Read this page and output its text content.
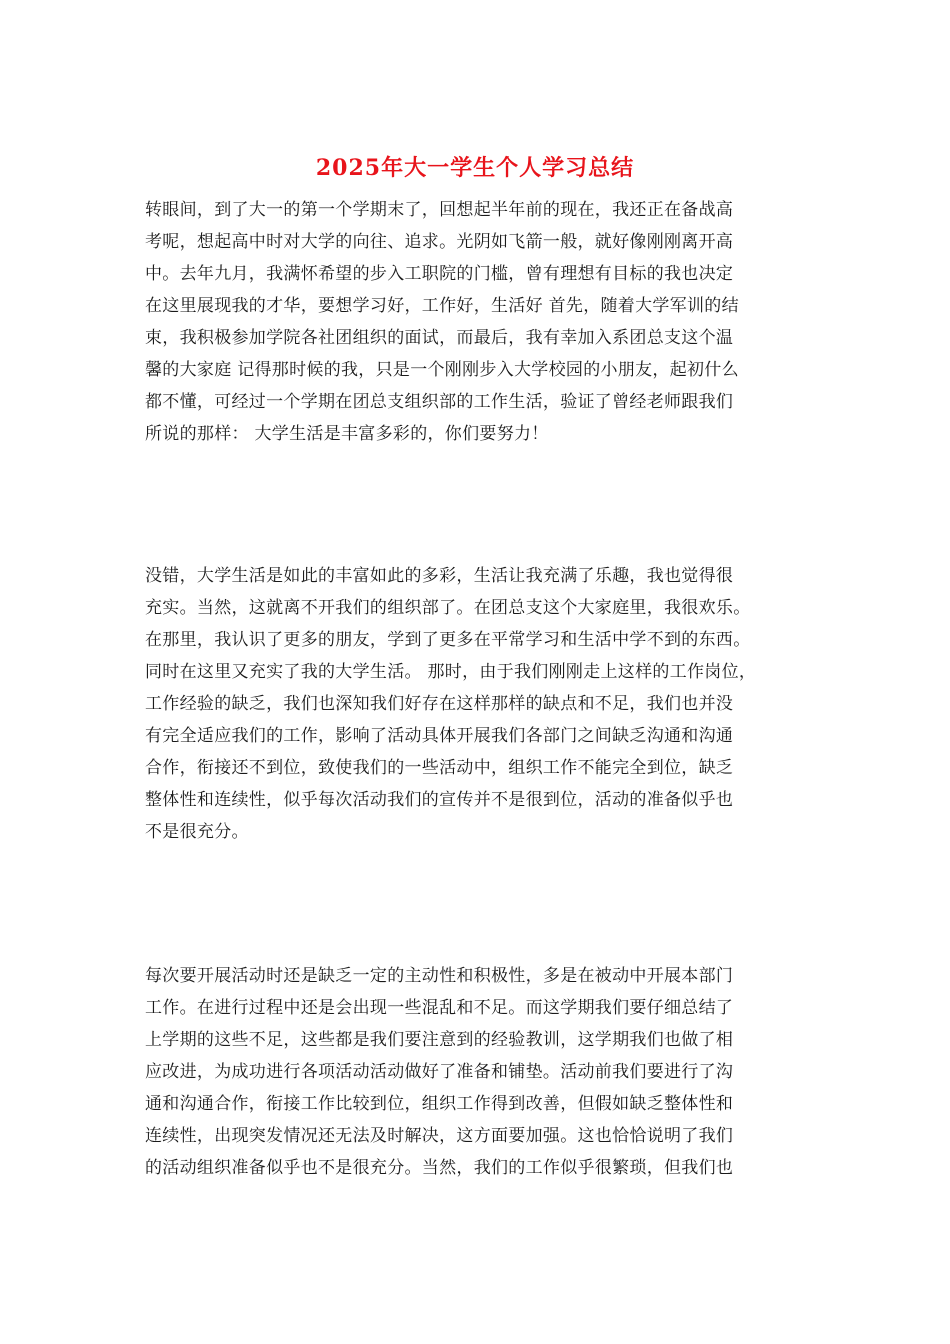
2025年大一学生个人学习总结
转眼间，到了大一的第一个学期末了，回想起半年前的现在，我还正在备战高
考呢，想起高中时对大学的向往、追求。光阴如飞箭一般，就好像刚刚离开高
中。去年九月，我满怀希望的步入工职院的门槛，曾有理想有目标的我也决定
在这里展现我的才华，要想学习好，工作好，生活好 首先，随着大学军训的结
束，我积极参加学院各社团组织的面试，而最后，我有幸加入系团总支这个温
馨的大家庭 记得那时候的我，只是一个刚刚步入大学校园的小朋友，起初什么
都不懂，可经过一个学期在团总支组织部的工作生活，验证了曾经老师跟我们
所说的那样： 大学生活是丰富多彩的，你们要努力！
没错，大学生活是如此的丰富如此的多彩，生活让我充满了乐趣，我也觉得很
充实。当然，这就离不开我们的组织部了。在团总支这个大家庭里，我很欢乐。
在那里，我认识了更多的朋友，学到了更多在平常学习和生活中学不到的东西。
同时在这里又充实了我的大学生活。 那时，由于我们刚刚走上这样的工作岗位，
工作经验的缺乏，我们也深知我们好存在这样那样的缺点和不足，我们也并没
有完全适应我们的工作，影响了活动具体开展我们各部门之间缺乏沟通和沟通
合作，衔接还不到位，致使我们的一些活动中，组织工作不能完全到位，缺乏
整体性和连续性，似乎每次活动我们的宣传并不是很到位，活动的准备似乎也
不是很充分。
每次要开展活动时还是缺乏一定的主动性和积极性，多是在被动中开展本部门
工作。在进行过程中还是会出现一些混乱和不足。而这学期我们要仔细总结了
上学期的这些不足，这些都是我们要注意到的经验教训，这学期我们也做了相
应改进，为成功进行各项活动活动做好了准备和铺垫。活动前我们要进行了沟
通和沟通合作，衔接工作比较到位，组织工作得到改善，但假如缺乏整体性和
连续性，出现突发情况还无法及时解决，这方面要加强。这也恰恰说明了我们
的活动组织准备似乎也不是很充分。当然，我们的工作似乎很繁琐，但我们也
